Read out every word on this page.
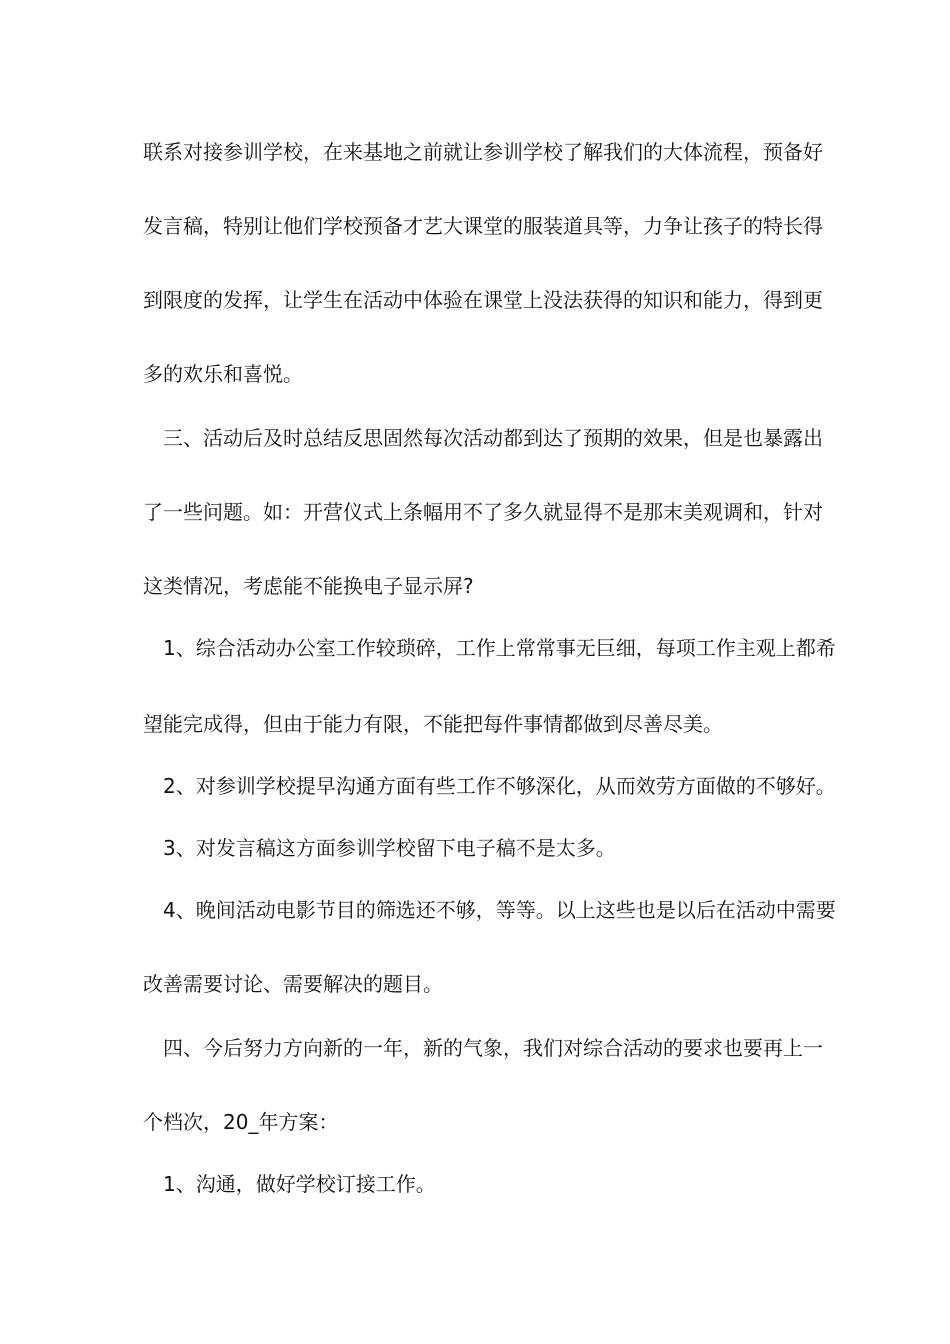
联系对接参训学校，在来基地之前就让参训学校了解我们的大体流程，预备好
发言稿，特别让他们学校预备才艺大课堂的服装道具等，力争让孩子的特长得
到限度的发挥，让学生在活动中体验在课堂上没法获得的知识和能力，得到更
多的欢乐和喜悦。
三、活动后及时总结反思固然每次活动都到达了预期的效果，但是也暴露出
了一些问题。如：开营仪式上条幅用不了多久就显得不是那末美观调和，针对
这类情况，考虑能不能换电子显示屏?
1、综合活动办公室工作较琐碎，工作上常常事无巨细，每项工作主观上都希
望能完成得，但由于能力有限，不能把每件事情都做到尽善尽美。
2、对参训学校提早沟通方面有些工作不够深化，从而效劳方面做的不够好。
3、对发言稿这方面参训学校留下电子稿不是太多。
4、晚间活动电影节目的筛选还不够，等等。以上这些也是以后在活动中需要
改善需要讨论、需要解决的题目。
四、今后努力方向新的一年，新的气象，我们对综合活动的要求也要再上一
个档次，20_年方案：
1、沟通，做好学校订接工作。
